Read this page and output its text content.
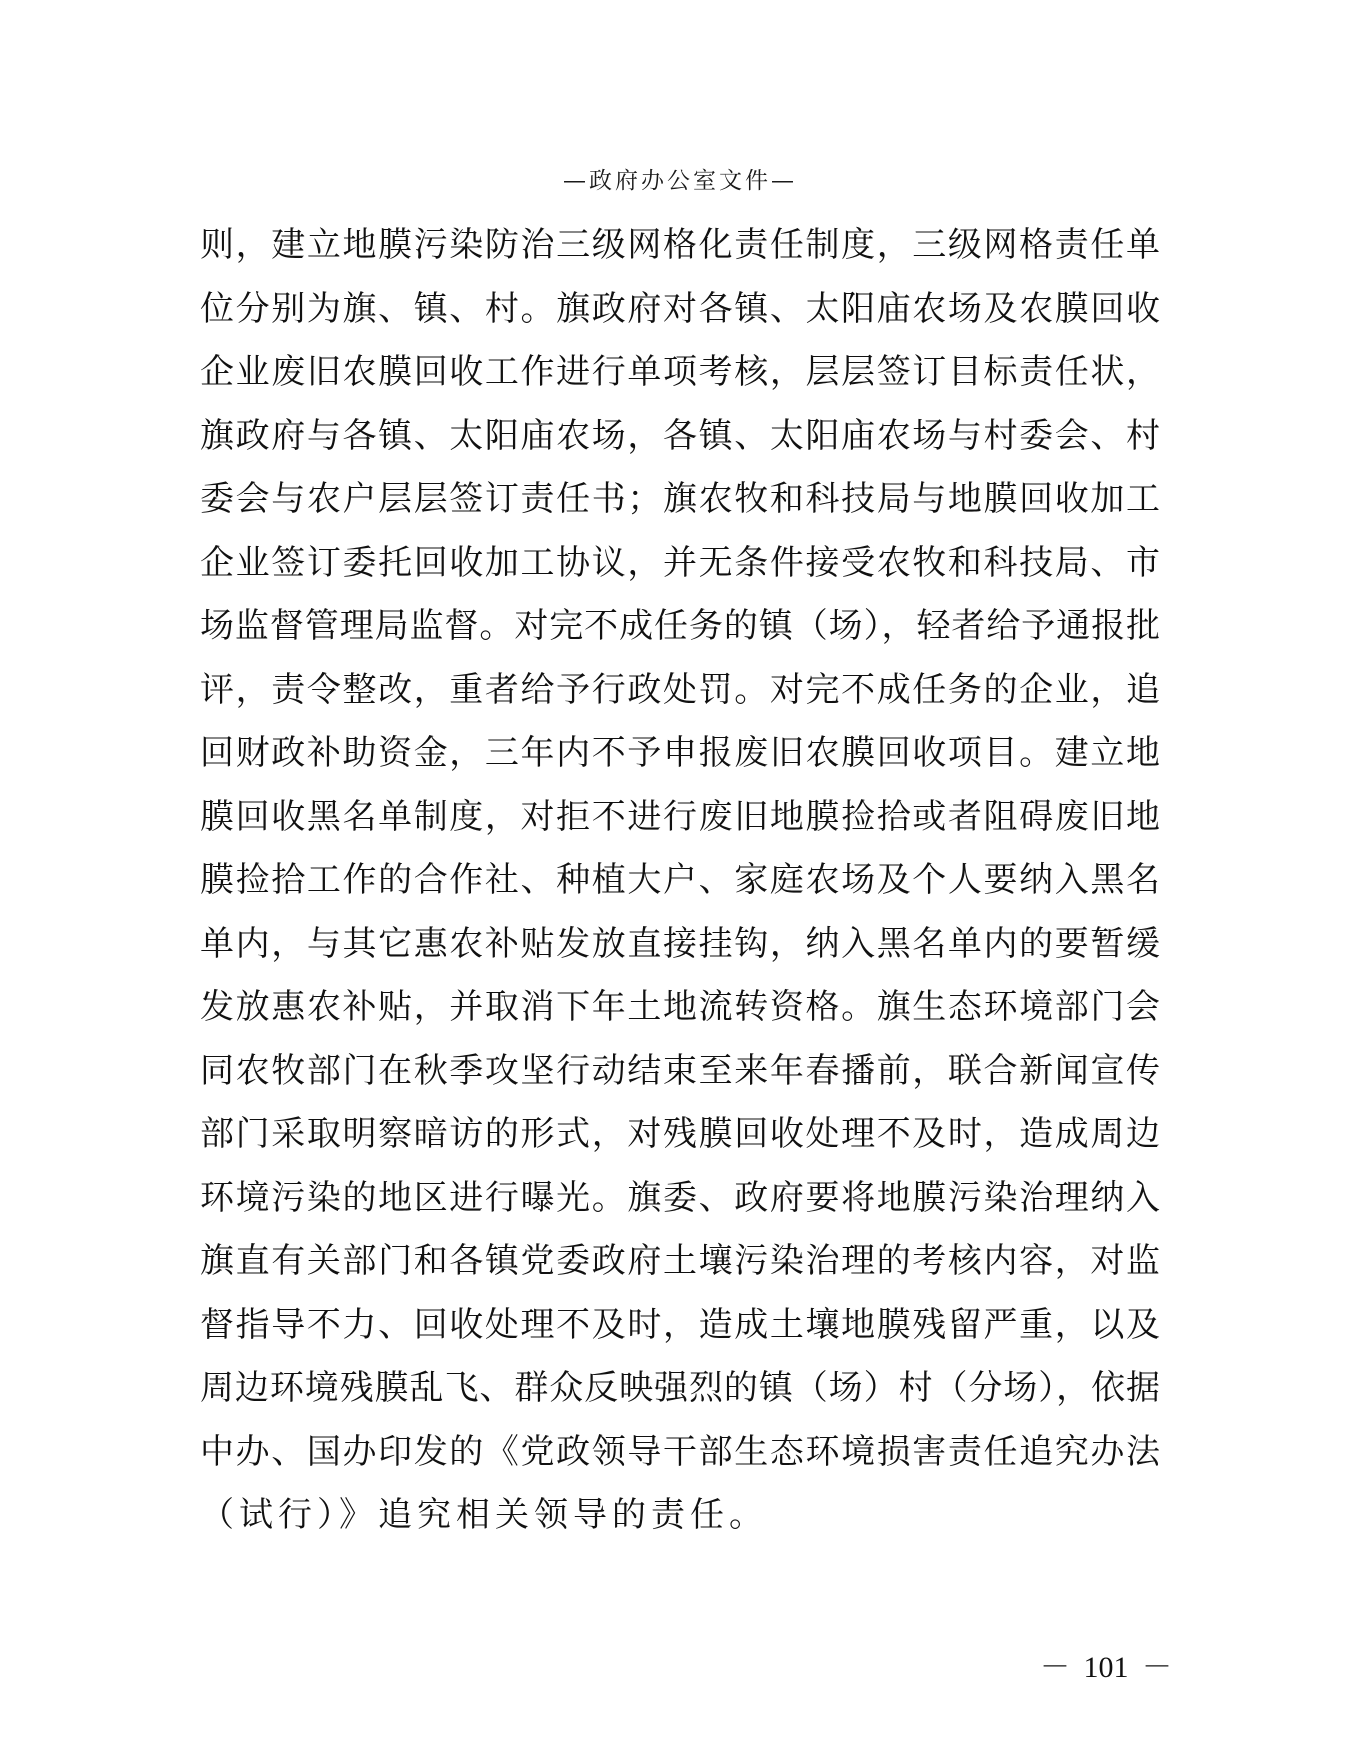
—政府办公室文件—
则，建立地膜污染防治三级网格化责任制度，三级网格责任单
位分别为旗、镇、村。旗政府对各镇、太阳庙农场及农膜回收
企业废旧农膜回收工作进行单项考核，层层签订目标责任状，
旗政府与各镇、太阳庙农场，各镇、太阳庙农场与村委会、村
委会与农户层层签订责任书；旗农牧和科技局与地膜回收加工
企业签订委托回收加工协议，并无条件接受农牧和科技局、市
场监督管理局监督。对完不成任务的镇（场），轻者给予通报批
评，责令整改，重者给予行政处罚。对完不成任务的企业，追
回财政补助资金，三年内不予申报废旧农膜回收项目。建立地
膜回收黑名单制度，对拒不进行废旧地膜捡拾或者阻碍废旧地
膜捡拾工作的合作社、种植大户、家庭农场及个人要纳入黑名
单内，与其它惠农补贴发放直接挂钩，纳入黑名单内的要暂缓
发放惠农补贴，并取消下年土地流转资格。旗生态环境部门会
同农牧部门在秋季攻坚行动结束至来年春播前，联合新闻宣传
部门采取明察暗访的形式，对残膜回收处理不及时，造成周边
环境污染的地区进行曝光。旗委、政府要将地膜污染治理纳入
旗直有关部门和各镇党委政府土壤污染治理的考核内容，对监
督指导不力、回收处理不及时，造成土壤地膜残留严重，以及
周边环境残膜乱飞、群众反映强烈的镇（场）村（分场），依据
中办、国办印发的《党政领导干部生态环境损害责任追究办法
（试行）》追究相关领导的责任。
－ 101 －
